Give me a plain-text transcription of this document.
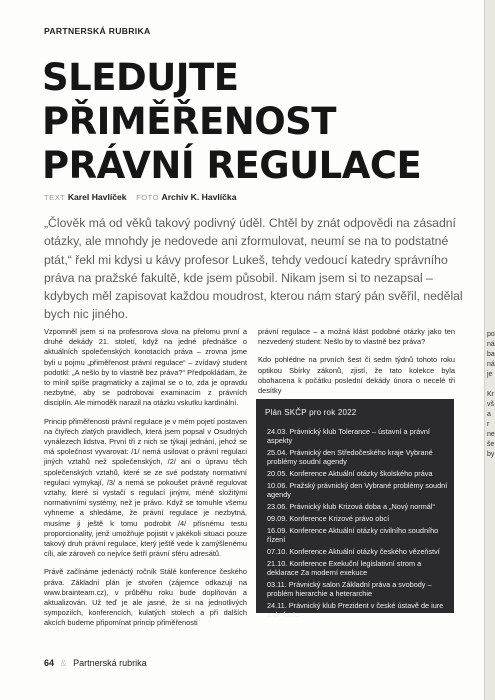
PARTNERSKÁ RUBRIKA
SLEDUJTE
PŘIMĚŘENOST
PRÁVNÍ REGULACE
TEXT Karel Havlíček FOTO Archiv K. Havlíčka
„Člověk má od věků takový podivný úděl. Chtěl by znát odpovědi na zásadní otázky, ale mnohdy je nedovede ani zformulovat, neumí se na to podstatné ptát,“ řekl mi kdysi u kávy profesor Lukeš, tehdy vedoucí katedry správního práva na pražské fakultě, kde jsem působil. Nikam jsem si to nezapsal – kdybych měl zapisovat každou moudrost, kterou nám starý pán svěřil, nedělal bych nic jiného.

Vzpomněl jsem si na profesorova slova na přelomu první a druhé dekády 21. století, když na jedné přednášce o aktuálních společenských konotacích práva – zrovna jsme byli u pojmu „přiměřenost právní regulace“ – zvídavý student podotkl: „A nešlo by to vlastně bez práva?“ Předpokládám, že to mínil spíše pragmaticky a zajímal se o to, zda je opravdu nezbytné, aby se podrobovai examinacím z právních disciplín. Ale mimoděk narazil na otázku vskutku kardinální.

Princip přiměřenosti právní regulace je v mém pojetí postaven na čtyřech zlatých pravidlech, která jsem popsal v Osudných vynálezech lidstva. První tři z nich se týkají jednání, jehož se má společnost vyvarovat: /1/ nemá usilovat o právní regulaci jiných vztahů než společenských, /2/ ani o úpravu těch společenských vztahů, které se ze své podstaty normativní regulaci vymykají, /3/ a nemá se pokoušet právně regulovat vztahy, které si vystačí s regulací jinými, méně složitými normativními systémy, než je právo. Když se tomuhle všemu vyhneme a shledáme, že právní regulace je nezbytná, musíme ji ještě k tomu podrobit /4/ přísnému testu proporcionality, jenž umožňuje pojistit v jakékoli situaci pouze takový druh právní regulace, který ještě vede k zamýšlenému cíli, ale zároveň co nejvíce šetří právní sféru adresátů.

Právě začínáme jedenáctý ročník Stálé konference českého práva. Základní plán je stvořen (zájemce odkazuji na www.brainteam.cz), v průběhu roku bude doplňován a aktualizován. Už teď je ale jasné, že si na jednotlivých sympoziích, konferencích, kulatých stolech a při dalších akcích budeme připomínat princip přiměřenosti

právní regulace – a možná klást podobné otázky jako ten nezvedený student: Nešlo by to vlastně bez práva?

Kdo pohlédne na prvních šest či sedm týdnů tohoto roku optikou Sbírky zákonů, zjistí, že tato kolekce byla obohacena k počátku poslední dekády února o necelé tři desítky

Plán SKČP pro rok 2022
24.03. Právnický klub Tolerance – ústavní a právní aspekty
25.04. Právnický den Středočeského kraje Vybrané problémy soudní agendy
20.05. Konference Aktuální otázky školského práva
10.06. Pražský právnický den Vybrané problémy soudní agendy
23.06. Právnický klub Krizová doba a „Nový normál“
09.09. Konference Krizové právo obcí
16.09. Konference Aktuální otázky civilního soudního řízení
07.10. Konference Aktuální otázky českého vězeňství
21.10. Konference Exekuční legislativní strom a deklarace Za moderní exekuce
03.11. Právnický salon Základní práva a svobody – problém hierarchie a heterarchie
24.11. Právnický klub Prezident v české ústavě de iure a de facto
64 & Partnerská rubrika
po
ná
ba
ná
je
Kr
vš
a r
ne
še
by
